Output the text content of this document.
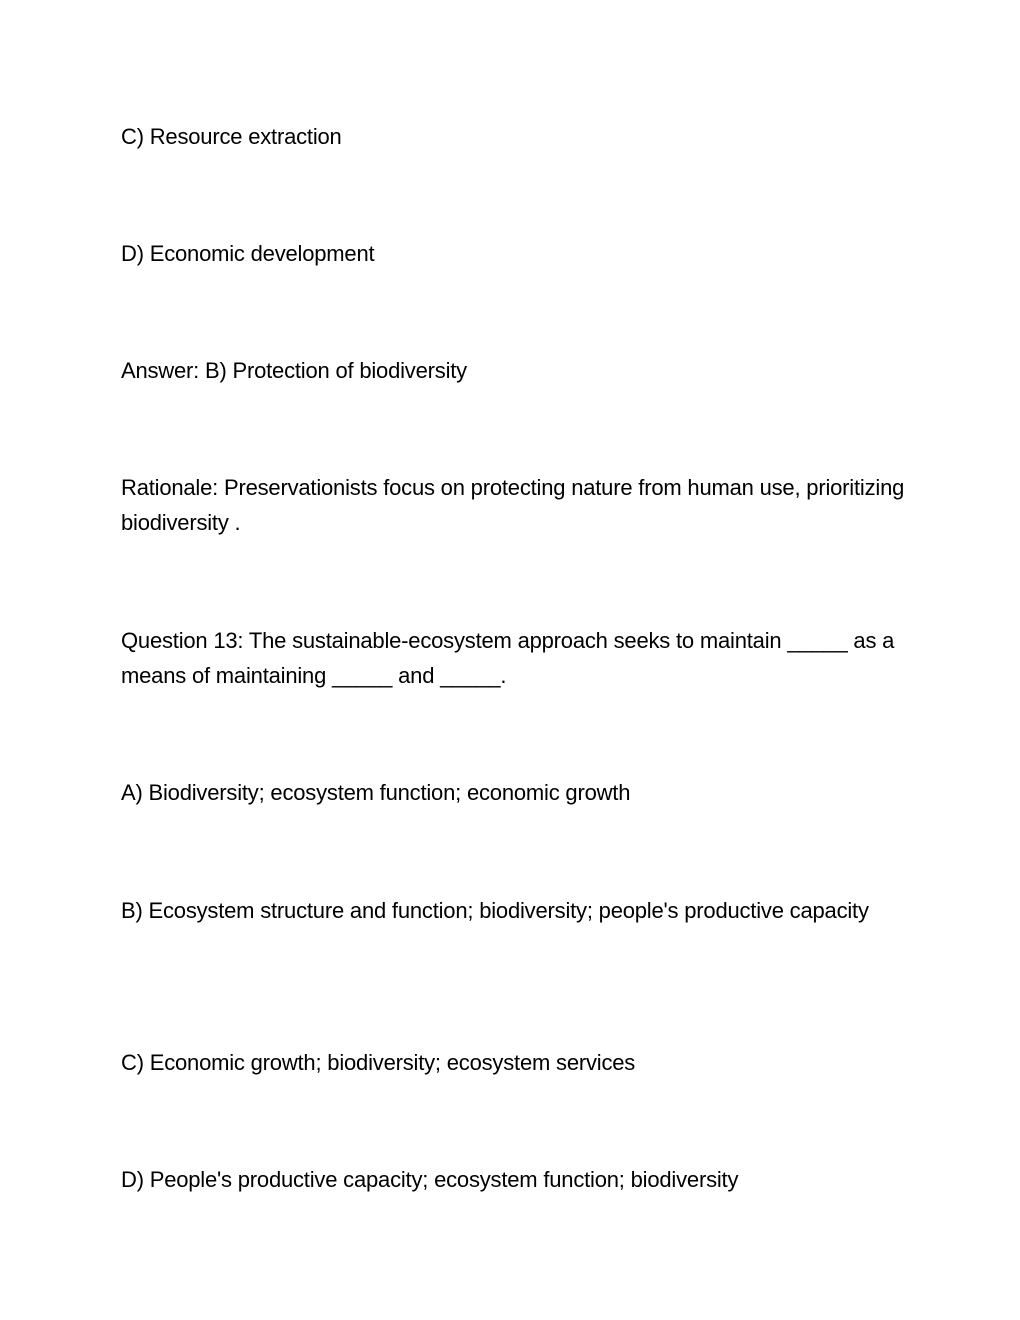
C) Resource extraction

D) Economic development

Answer: B) Protection of biodiversity

Rationale: Preservationists focus on protecting nature from human use, prioritizing biodiversity .

Question 13: The sustainable-ecosystem approach seeks to maintain _____ as a means of maintaining _____ and _____.

A) Biodiversity; ecosystem function; economic growth

B) Ecosystem structure and function; biodiversity; people's productive capacity

C) Economic growth; biodiversity; ecosystem services

D) People's productive capacity; ecosystem function; biodiversity
